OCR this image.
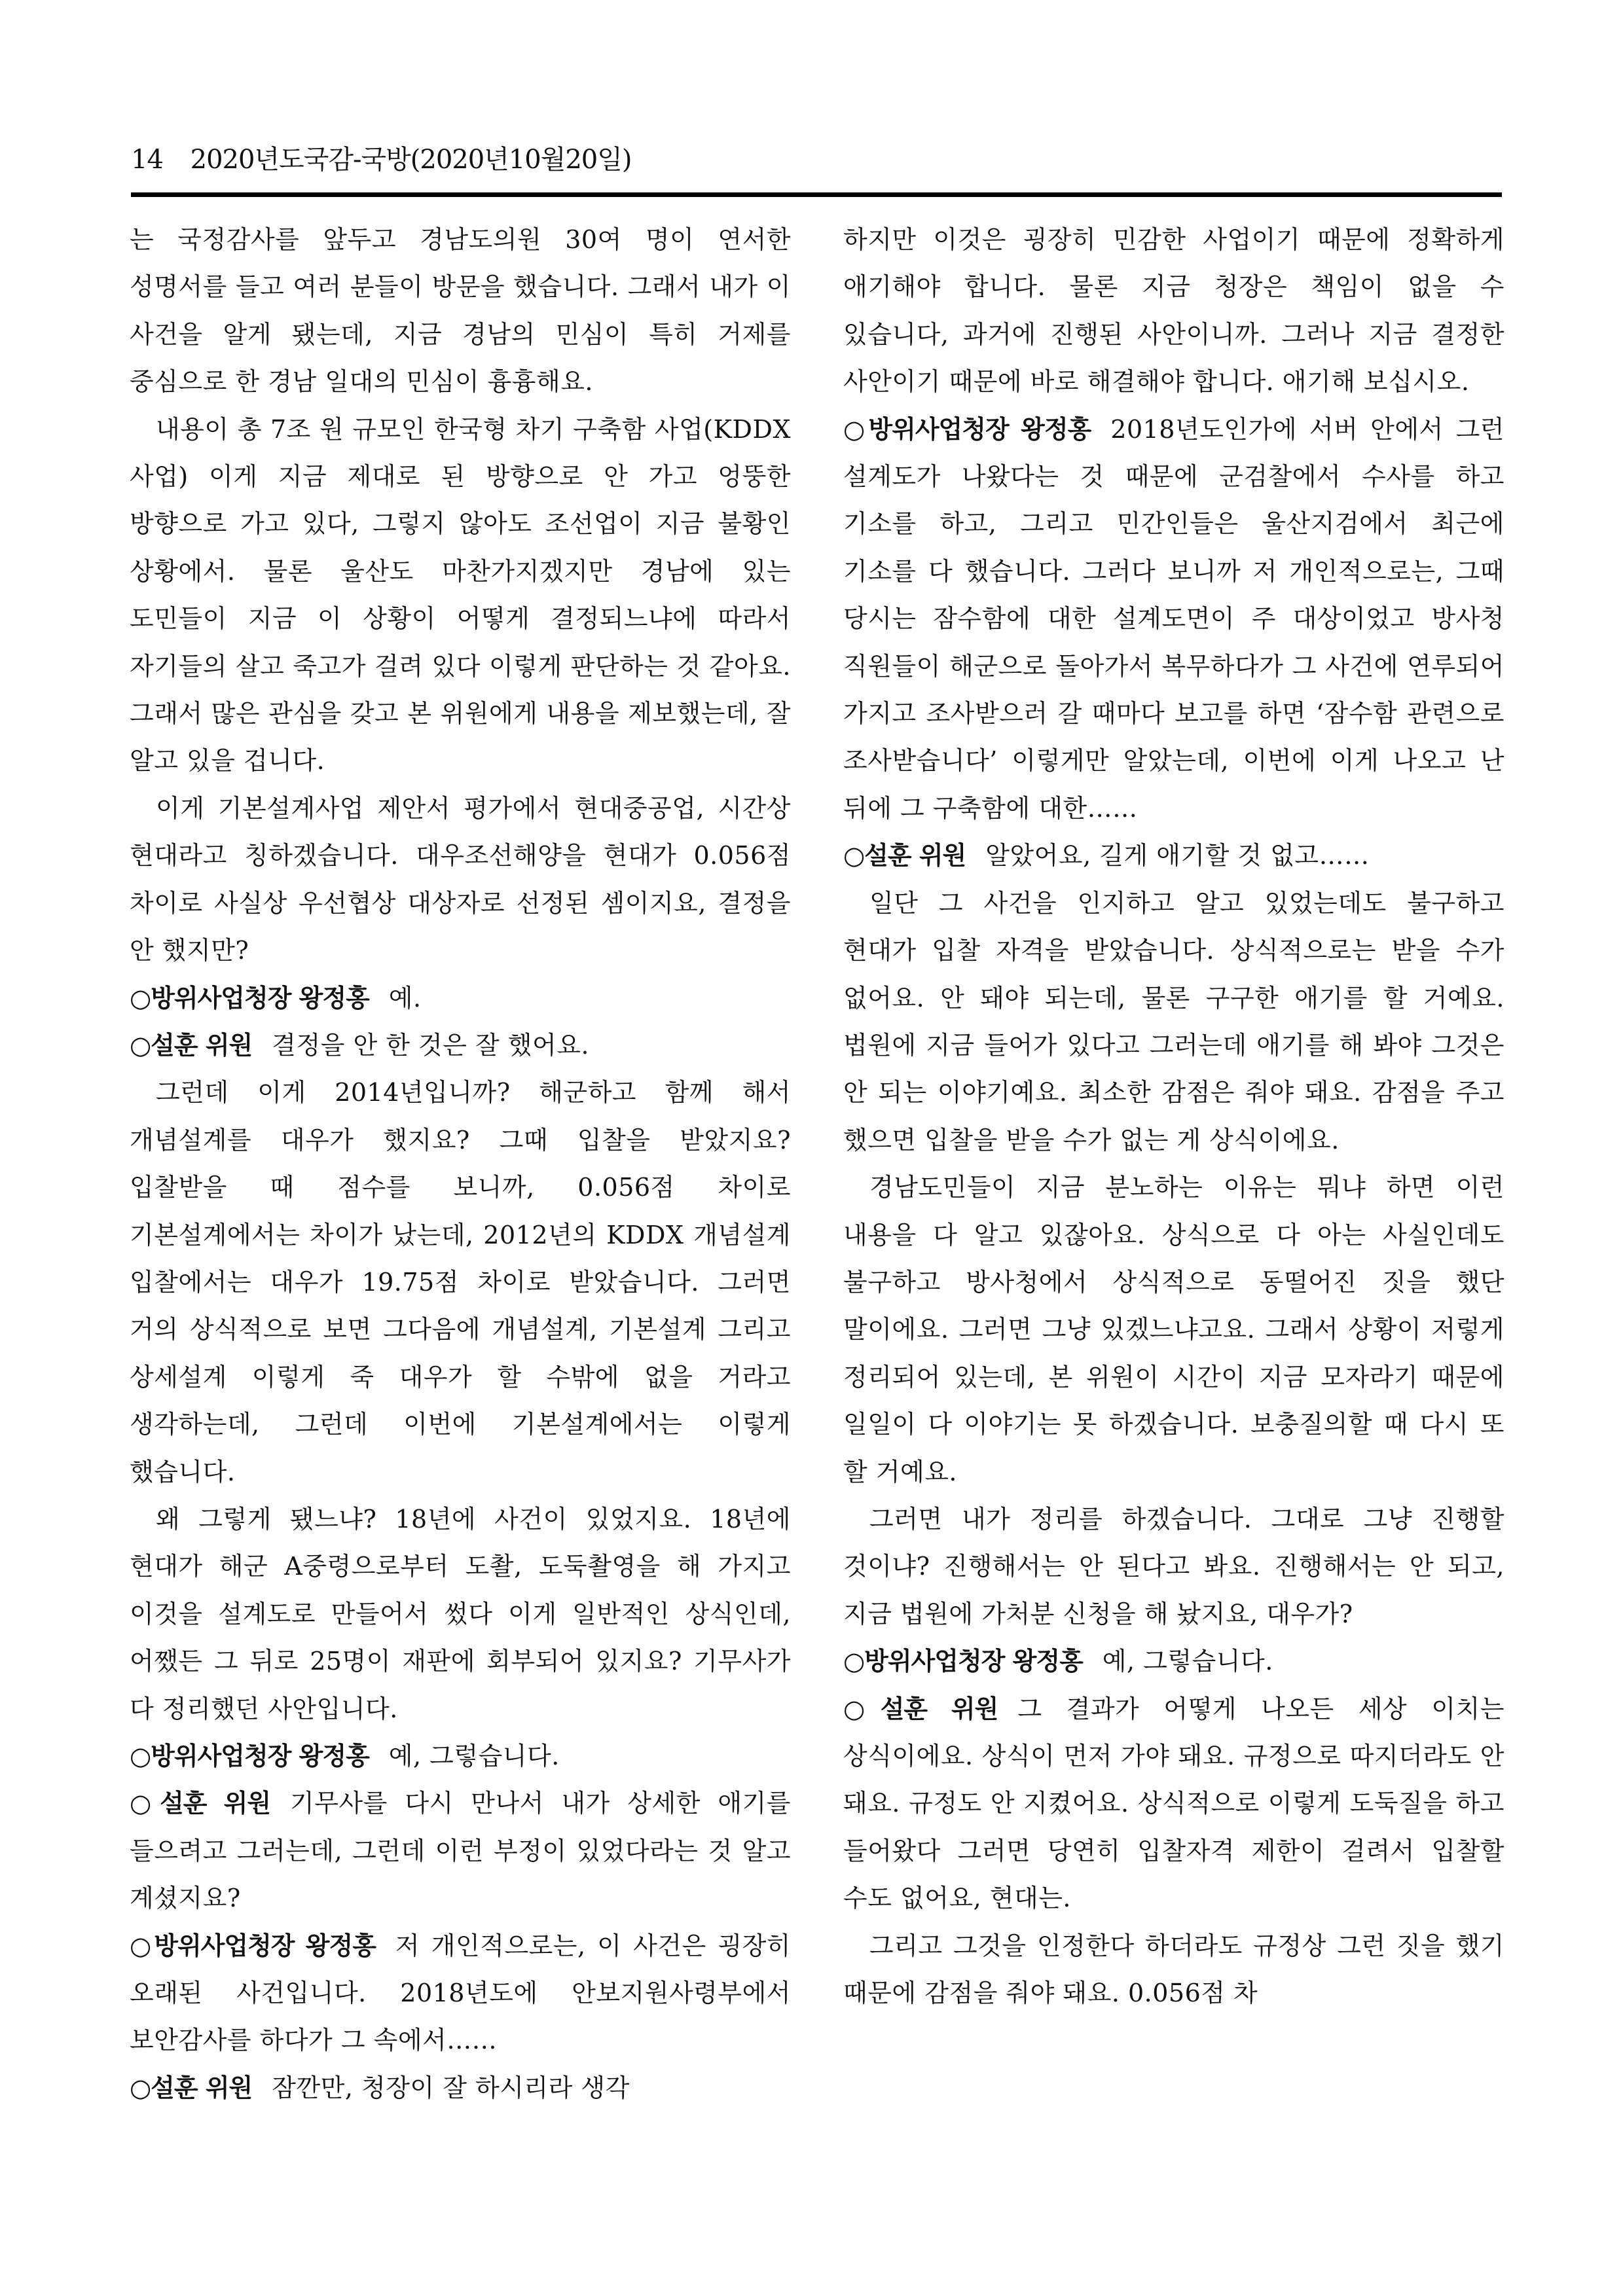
14 2020년도국감-국방(2020년10월20일)

는 국정감사를 앞두고 경남도의원 30여 명이 연서한 성명서를 들고 여러 분들이 방문을 했습니다. 그래서 내가 이 사건을 알게 됐는데, 지금 경남의 민심이 특히 거제를 중심으로 한 경남 일대의 민심이 흉흉해요.

내용이 총 7조 원 규모인 한국형 차기 구축함 사업(KDDX 사업) 이게 지금 제대로 된 방향으로 안 가고 엉뚱한 방향으로 가고 있다, 그렇지 않아도 조선업이 지금 불황인 상황에서. 물론 울산도 마찬가지겠지만 경남에 있는 도민들이 지금 이 상황이 어떻게 결정되느냐에 따라서 자기들의 살고 죽고가 걸려 있다 이렇게 판단하는 것 같아요. 그래서 많은 관심을 갖고 본 위원에게 내용을 제보했는데, 잘 알고 있을 겁니다.

이게 기본설계사업 제안서 평가에서 현대중공업, 시간상 현대라고 칭하겠습니다. 대우조선해양을 현대가 0.056점 차이로 사실상 우선협상 대상자로 선정된 셈이지요, 결정을 안 했지만?

○방위사업청장 왕정홍 예.

○설훈 위원 결정을 안 한 것은 잘 했어요.

그런데 이게 2014년입니까? 해군하고 함께 해서 개념설계를 대우가 했지요? 그때 입찰을 받았지요? 입찰받을 때 점수를 보니까, 0.056점 차이로 기본설계에서는 차이가 났는데, 2012년의 KDDX 개념설계 입찰에서는 대우가 19.75점 차이로 받았습니다. 그러면 거의 상식적으로 보면 그다음에 개념설계, 기본설계 그리고 상세설계 이렇게 죽 대우가 할 수밖에 없을 거라고 생각하는데, 그런데 이번에 기본설계에서는 이렇게 했습니다.

왜 그렇게 됐느냐? 18년에 사건이 있었지요. 18년에 현대가 해군 A중령으로부터 도촬, 도둑촬영을 해 가지고 이것을 설계도로 만들어서 썼다 이게 일반적인 상식인데, 어쨌든 그 뒤로 25명이 재판에 회부되어 있지요? 기무사가 다 정리했던 사안입니다.

○방위사업청장 왕정홍 예, 그렇습니다.

○설훈 위원 기무사를 다시 만나서 내가 상세한 애기를 들으려고 그러는데, 그런데 이런 부정이 있었다라는 것 알고 계셨지요?

○방위사업청장 왕정홍 저 개인적으로는, 이 사건은 굉장히 오래된 사건입니다. 2018년도에 안보지원사령부에서 보안감사를 하다가 그 속에서……

○설훈 위원 잠깐만, 청장이 잘 하시리라 생각

하지만 이것은 굉장히 민감한 사업이기 때문에 정확하게 애기해야 합니다. 물론 지금 청장은 책임이 없을 수 있습니다, 과거에 진행된 사안이니까. 그러나 지금 결정한 사안이기 때문에 바로 해결해야 합니다. 애기해 보십시오.

○방위사업청장 왕정홍 2018년도인가에 서버 안에서 그런 설계도가 나왔다는 것 때문에 군검찰에서 수사를 하고 기소를 하고, 그리고 민간인들은 울산지검에서 최근에 기소를 다 했습니다. 그러다 보니까 저 개인적으로는, 그때 당시는 잠수함에 대한 설계도면이 주 대상이었고 방사청 직원들이 해군으로 돌아가서 복무하다가 그 사건에 연루되어 가지고 조사받으러 갈 때마다 보고를 하면 ‘잠수함 관련으로 조사받습니다’ 이렇게만 알았는데, 이번에 이게 나오고 난 뒤에 그 구축함에 대한……

○설훈 위원 알았어요, 길게 애기할 것 없고……

일단 그 사건을 인지하고 알고 있었는데도 불구하고 현대가 입찰 자격을 받았습니다. 상식적으로는 받을 수가 없어요. 안 돼야 되는데, 물론 구구한 애기를 할 거예요. 법원에 지금 들어가 있다고 그러는데 애기를 해 봐야 그것은 안 되는 이야기예요. 최소한 감점은 줘야 돼요. 감점을 주고 했으면 입찰을 받을 수가 없는 게 상식이에요.

경남도민들이 지금 분노하는 이유는 뭐냐 하면 이런 내용을 다 알고 있잖아요. 상식으로 다 아는 사실인데도 불구하고 방사청에서 상식적으로 동떨어진 짓을 했단 말이에요. 그러면 그냥 있겠느냐고요. 그래서 상황이 저렇게 정리되어 있는데, 본 위원이 시간이 지금 모자라기 때문에 일일이 다 이야기는 못 하겠습니다. 보충질의할 때 다시 또 할 거예요.

그러면 내가 정리를 하겠습니다. 그대로 그냥 진행할 것이냐? 진행해서는 안 된다고 봐요. 진행해서는 안 되고, 지금 법원에 가처분 신청을 해 놨지요, 대우가?

○방위사업청장 왕정홍 예, 그렇습니다.

○설훈 위원 그 결과가 어떻게 나오든 세상 이치는 상식이에요. 상식이 먼저 가야 돼요. 규정으로 따지더라도 안 돼요. 규정도 안 지켰어요. 상식적으로 이렇게 도둑질을 하고 들어왔다 그러면 당연히 입찰자격 제한이 걸려서 입찰할 수도 없어요, 현대는.

그리고 그것을 인정한다 하더라도 규정상 그런 짓을 했기 때문에 감점을 줘야 돼요. 0.056점 차
